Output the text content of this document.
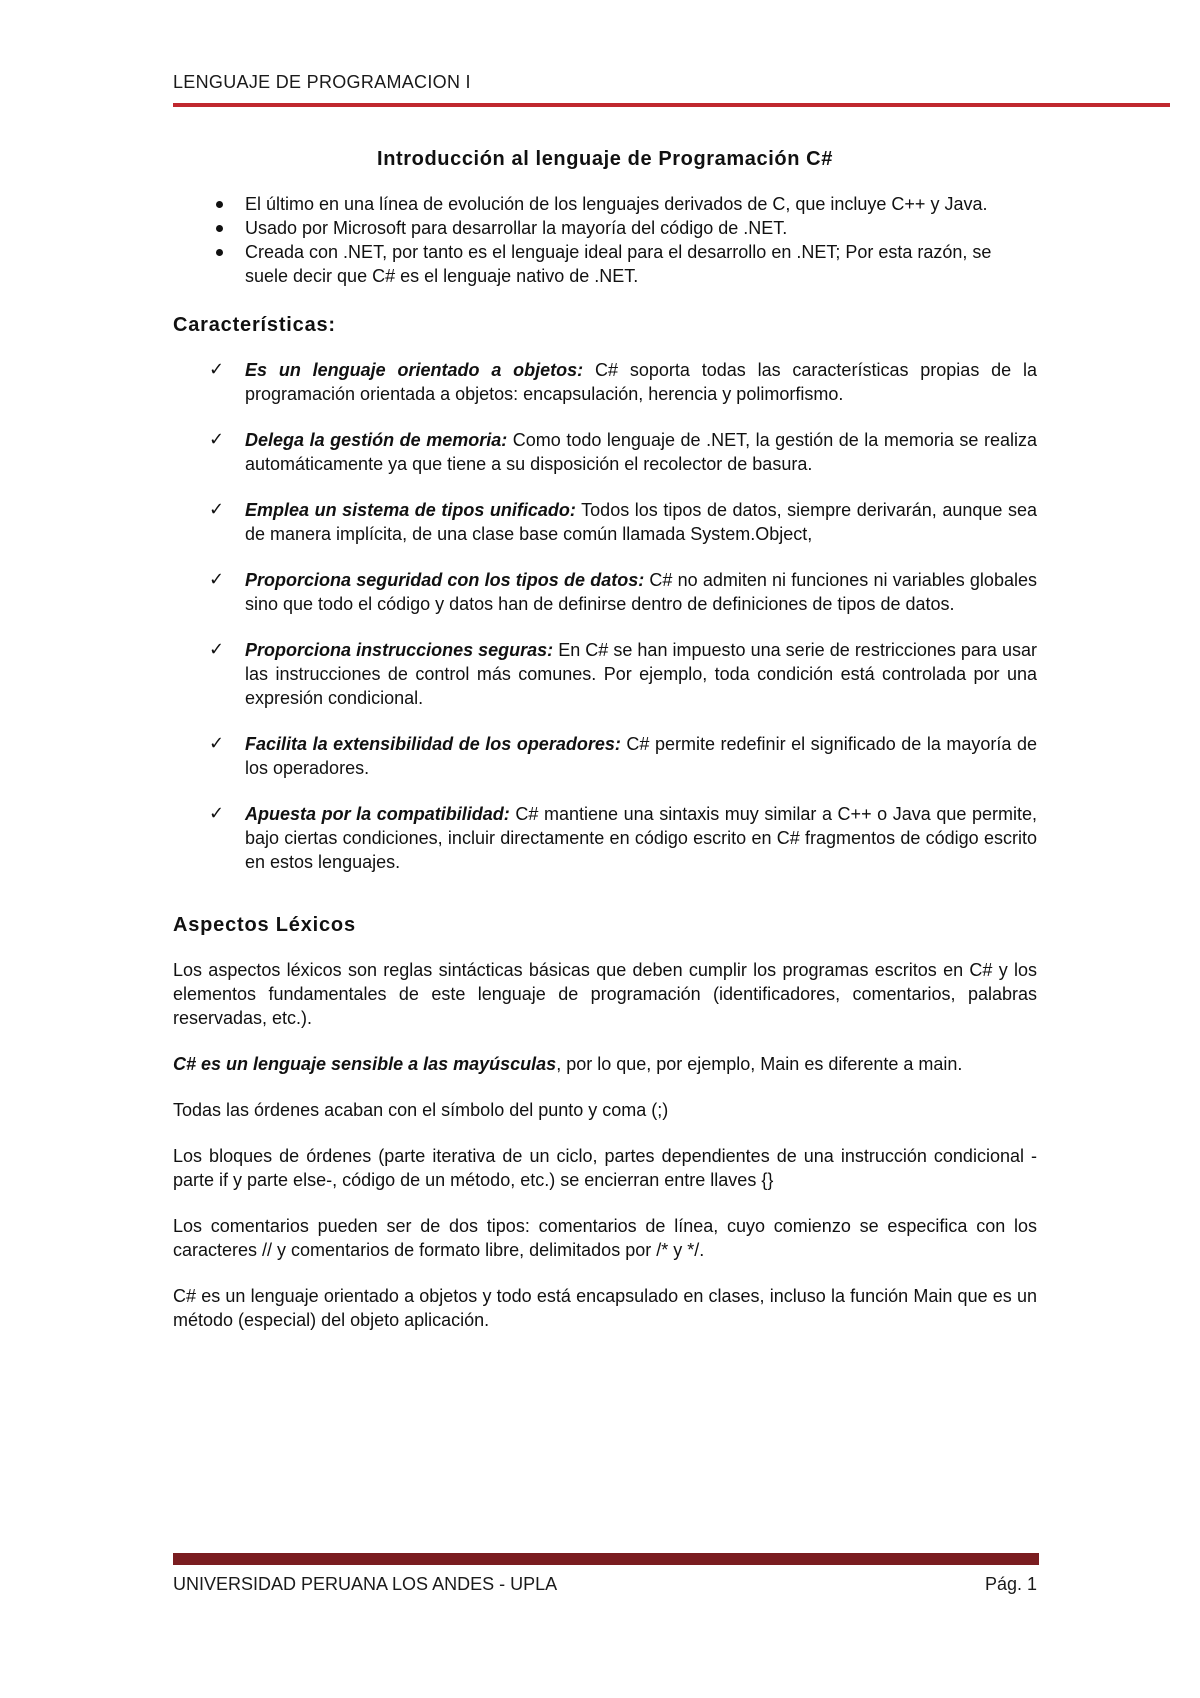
LENGUAJE DE PROGRAMACION I
Introducción al lenguaje de Programación C#
El último en una línea de evolución de los lenguajes derivados de C, que incluye C++ y Java.
Usado por Microsoft para desarrollar la mayoría del código de .NET.
Creada con .NET, por tanto es el lenguaje ideal para el desarrollo en .NET; Por esta razón, se suele decir que C# es el lenguaje nativo de .NET.
Características:
✓ Es un lenguaje orientado a objetos: C# soporta todas las características propias de la programación orientada a objetos: encapsulación, herencia y polimorfismo.
✓ Delega la gestión de memoria: Como todo lenguaje de .NET, la gestión de la memoria se realiza automáticamente ya que tiene a su disposición el recolector de basura.
✓ Emplea un sistema de tipos unificado: Todos los tipos de datos, siempre derivarán, aunque sea de manera implícita, de una clase base común llamada System.Object,
✓ Proporciona seguridad con los tipos de datos: C# no admiten ni funciones ni variables globales sino que todo el código y datos han de definirse dentro de definiciones de tipos de datos.
✓ Proporciona instrucciones seguras: En C# se han impuesto una serie de restricciones para usar las instrucciones de control más comunes. Por ejemplo, toda condición está controlada por una expresión condicional.
✓ Facilita la extensibilidad de los operadores: C# permite redefinir el significado de la mayoría de los operadores.
✓ Apuesta por la compatibilidad: C# mantiene una sintaxis muy similar a C++ o Java que permite, bajo ciertas condiciones, incluir directamente en código escrito en C# fragmentos de código escrito en estos lenguajes.
Aspectos Léxicos

Los aspectos léxicos son reglas sintácticas básicas que deben cumplir los programas escritos en C# y los elementos fundamentales de este lenguaje de programación (identificadores, comentarios, palabras reservadas, etc.).

C# es un lenguaje sensible a las mayúsculas, por lo que, por ejemplo, Main es diferente a main.

Todas las órdenes acaban con el símbolo del punto y coma (;)

Los bloques de órdenes (parte iterativa de un ciclo, partes dependientes de una instrucción condicional -parte if y parte else-, código de un método, etc.) se encierran entre llaves {}

Los comentarios pueden ser de dos tipos: comentarios de línea, cuyo comienzo se especifica con los caracteres // y comentarios de formato libre, delimitados por /* y */.

C# es un lenguaje orientado a objetos y todo está encapsulado en clases, incluso la función Main que es un método (especial) del objeto aplicación.

UNIVERSIDAD PERUANA LOS ANDES - UPLA	Pág. 1
